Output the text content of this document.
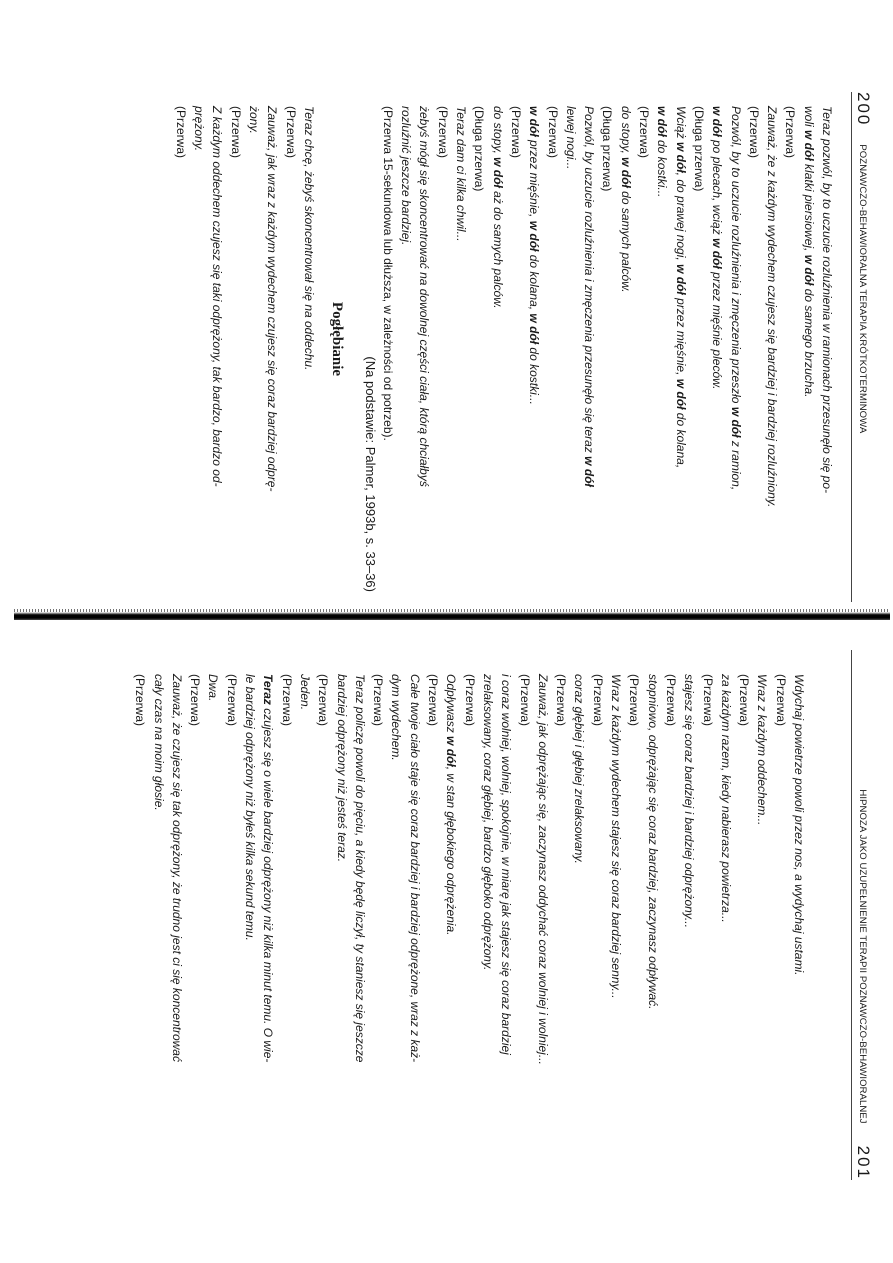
200
POZNAWCZO-BEHAWIORALNA TERAPIA KRÓTKOTERMINOWA
Teraz pozwól, by to uczucie rozluźnienia w ramionach przesunęło się po-
woli w dół klatki piersiowej, w dół do samego brzucha.
(Przerwa)
Zauważ, że z każdym wydechem czujesz się bardziej i bardziej rozluźniony.
(Przerwa)
Pozwól, by to uczucie rozluźnienia i zmęczenia przeszło w dół z ramion,
w dół po plecach, wciąż w dół przez mięśnie pleców.
(Długa przerwa)
Wciąż w dół, do prawej nogi, w dół przez mięśnie, w dół do kolana,
w dół do kostki...
(Przerwa)
do stopy, w dół do samych palców.
(Długa przerwa)
Pozwól, by uczucie rozluźnienia i zmęczenia przesunęło się teraz w dół
lewej nogi...
(Przerwa)
w dół przez mięśnie, w dół do kolana, w dół do kostki...
(Przerwa)
do stopy, w dół aż do samych palców.
(Długa przerwa)
Teraz dam ci kilka chwil...
(Przerwa)
żebyś mógł się skoncentrować na dowolnej części ciała, którą chciałbyś
rozluźnić jeszcze bardziej.
(Przerwa 15-sekundowa lub dłuższa, w zależności od potrzeb).
(Na podstawie: Palmer, 1993b, s. 33–36)
Pogłębianie
Teraz chcę, żebyś skoncentrował się na oddechu.
(Przerwa)
Zauważ, jak wraz z każdym wydechem czujesz się coraz bardziej odprę-
żony.
(Przerwa)
Z każdym oddechem czujesz się taki odprężony, tak bardzo, bardzo od-
prężony.
(Przerwa)
HIPNOZA JAKO UZUPEŁNIENIE TERAPII POZNAWCZO-BEHAWIORALNEJ
201
Wdychaj powietrze powoli przez nos, a wydychaj ustami.
(Przerwa)
Wraz z każdym oddechem...
(Przerwa)
za każdym razem, kiedy nabierasz powietrza...
(Przerwa)
stajesz się coraz bardziej i bardziej odprężony...
(Przerwa)
stopniowo, odprężając się coraz bardziej, zaczynasz odpływać.
(Przerwa)
Wraz z każdym wydechem stajesz się coraz bardziej senny...
(Przerwa)
coraz głębiej i głębiej zrelaksowany.
(Przerwa)
Zauważ, jak odprężając się, zaczynasz oddychać coraz wolniej i wolniej...
(Przerwa)
i coraz wolniej, wolniej, spokojnie, w miarę jak stajesz się coraz bardziej
zrelaksowany, coraz głębiej, bardzo głęboko odprężony.
(Przerwa)
Odpływasz w dół, w stan głębokiego odprężenia.
(Przerwa)
Całe twoje ciało staje się coraz bardziej i bardziej odprężone, wraz z każ-
dym wydechem.
(Przerwa)
Teraz policzę powoli do pięciu, a kiedy będę liczył, ty staniesz się jeszcze
bardziej odprężony niż jesteś teraz.
(Przerwa)
Jeden.
(Przerwa)
Teraz czujesz się o wiele bardziej odprężony niż kilka minut temu. O wie-
le bardziej odprężony niż byłeś kilka sekund temu.
(Przerwa)
Dwa.
(Przerwa)
Zauważ, że czujesz się tak odprężony, że trudno jest ci się koncentrować
cały czas na moim głosie.
(Przerwa)
